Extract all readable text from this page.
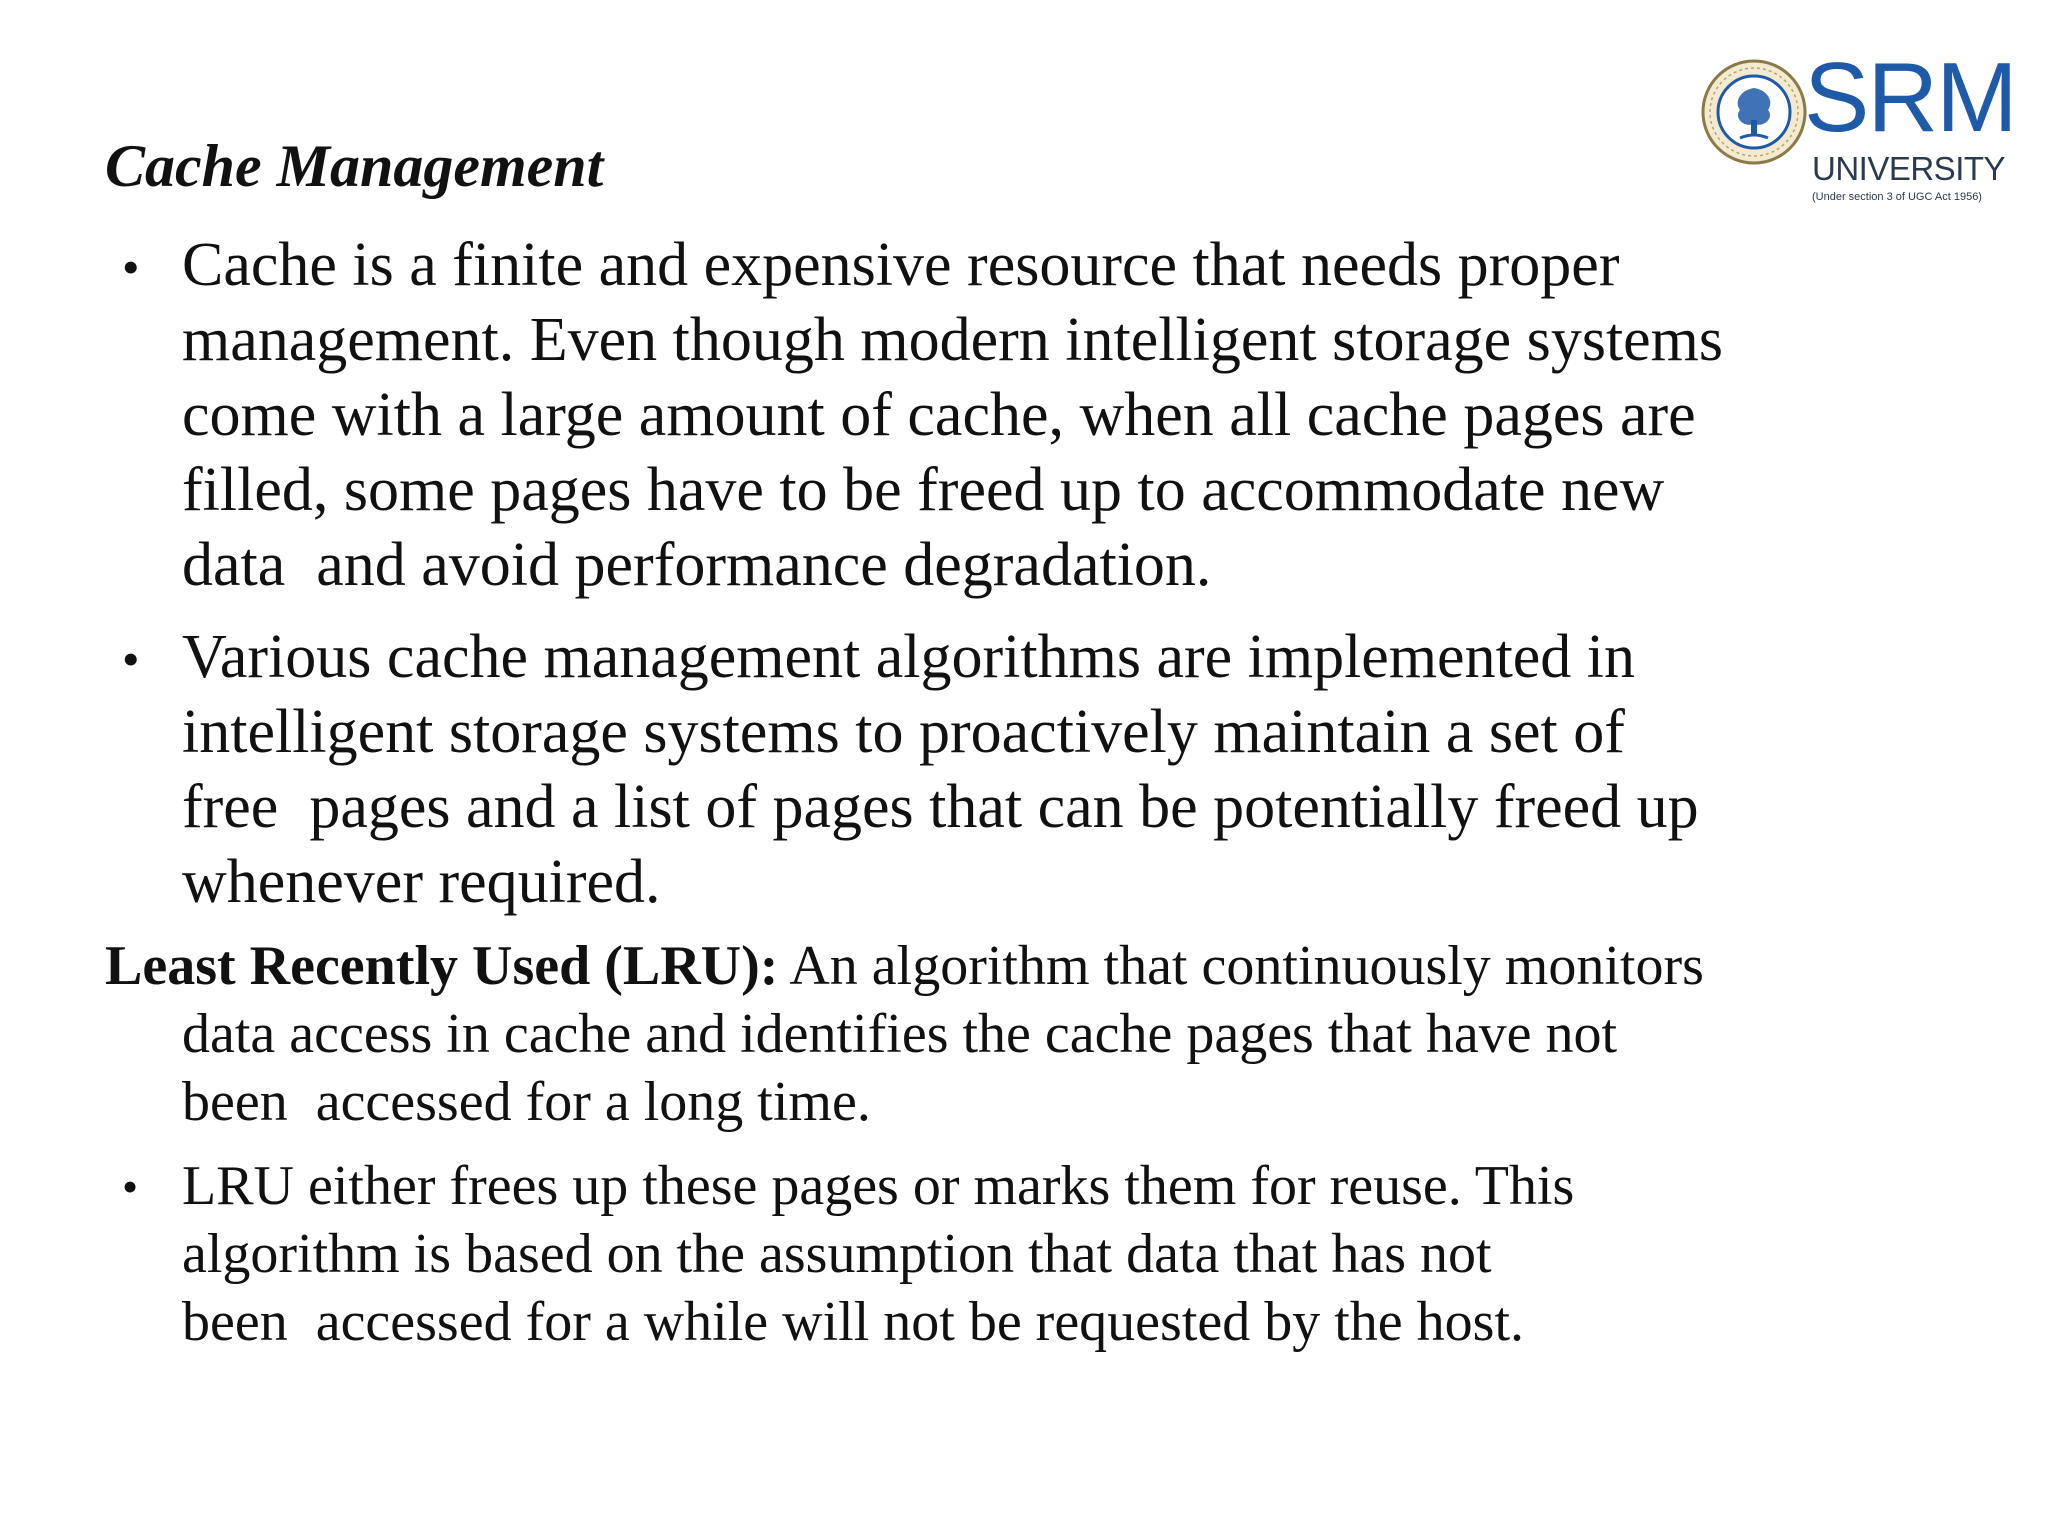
SRM
UNIVERSITY
(Under section 3 of UGC Act 1956)
Cache Management
• Cache is a finite and expensive resource that needs proper
management. Even though modern intelligent storage systems
come with a large amount of cache, when all cache pages are
filled, some pages have to be freed up to accommodate new
data  and avoid performance degradation.

• Various cache management algorithms are implemented in
intelligent storage systems to proactively maintain a set of
free  pages and a list of pages that can be potentially freed up
whenever required.

Least Recently Used (LRU): An algorithm that continuously monitors
data access in cache and identifies the cache pages that have not
been  accessed for a long time.

• LRU either frees up these pages or marks them for reuse. This
algorithm is based on the assumption that data that has not
been  accessed for a while will not be requested by the host.
